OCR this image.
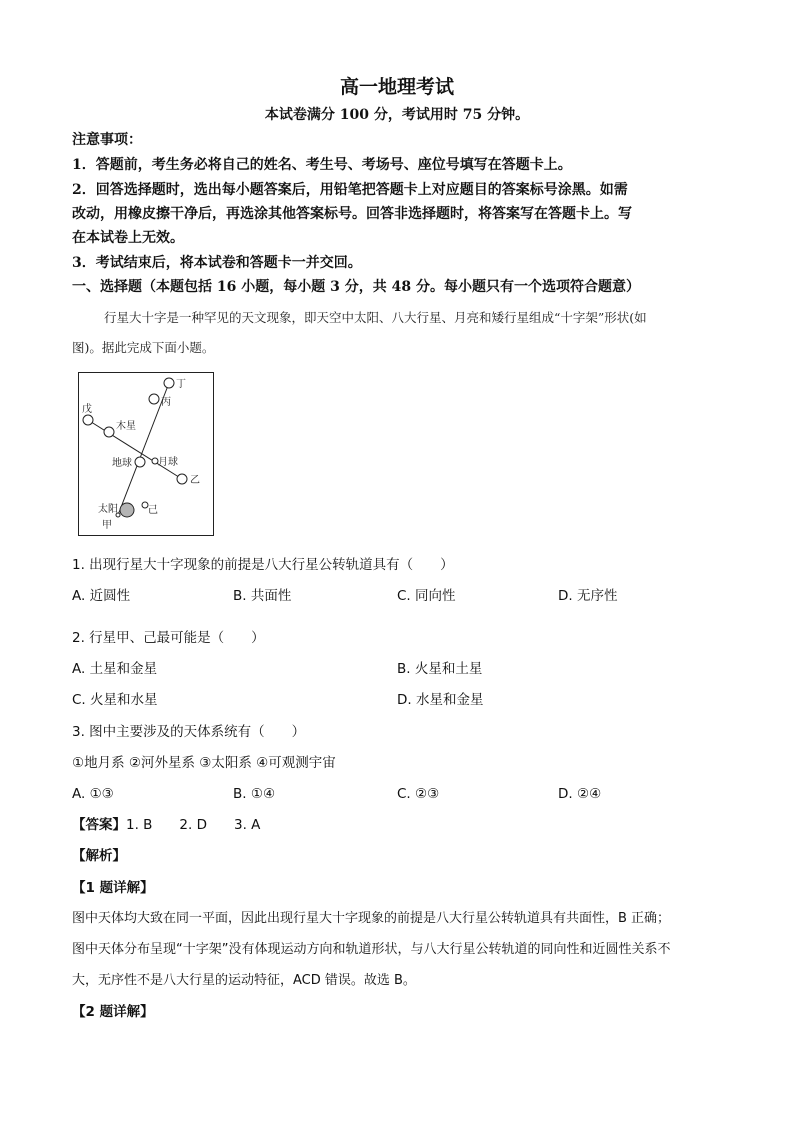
高一地理考试
本试卷满分 100 分，考试用时 75 分钟。
注意事项：
1．答题前，考生务必将自己的姓名、考生号、考场号、座位号填写在答题卡上。
2．回答选择题时，选出每小题答案后，用铅笔把答题卡上对应题目的答案标号涂黑。如需
改动，用橡皮擦干净后，再选涂其他答案标号。回答非选择题时，将答案写在答题卡上。写
在本试卷上无效。
3．考试结束后，将本试卷和答题卡一并交回。
一、选择题（本题包括 16 小题，每小题 3 分，共 48 分。每小题只有一个选项符合题意）
行星大十字是一种罕见的天文现象，即天空中太阳、八大行星、月亮和矮行星组成“十字架”形状(如
图)。据此完成下面小题。
丁
丙
戊
木星
地球	月球
乙
太阳	己
甲
1. 出现行星大十字现象的前提是八大行星公转轨道具有（　　）
A. 近圆性	B. 共面性	C. 同向性	D. 无序性
2. 行星甲、己最可能是（　　）
A. 土星和金星	B. 火星和土星
C. 火星和水星	D. 水星和金星
3. 图中主要涉及的天体系统有（　　）
①地月系 ②河外星系 ③太阳系 ④可观测宇宙
A. ①③	B. ①④	C. ②③	D. ②④
【答案】1. B　　2. D　　3. A
【解析】
【1 题详解】
图中天体均大致在同一平面，因此出现行星大十字现象的前提是八大行星公转轨道具有共面性，B 正确；
图中天体分布呈现“十字架”没有体现运动方向和轨道形状，与八大行星公转轨道的同向性和近圆性关系不
大，无序性不是八大行星的运动特征，ACD 错误。故选 B。
【2 题详解】
